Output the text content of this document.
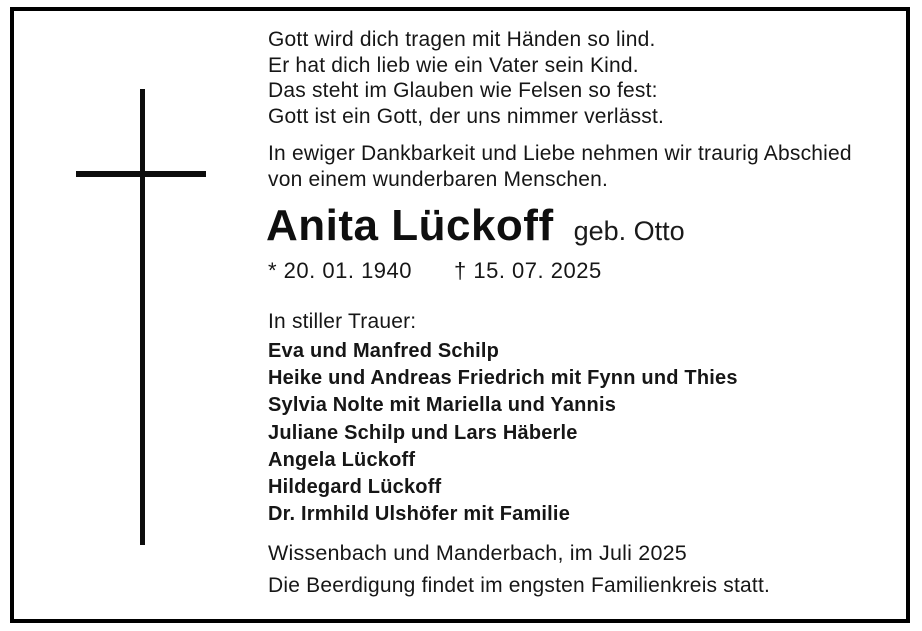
Gott wird dich tragen mit Händen so lind.
Er hat dich lieb wie ein Vater sein Kind.
Das steht im Glauben wie Felsen so fest:
Gott ist ein Gott, der uns nimmer verlässt.
In ewiger Dankbarkeit und Liebe nehmen wir traurig Abschied
von einem wunderbaren Menschen.
Anita Lückoff geb. Otto
* 20. 01. 1940 † 15. 07. 2025
In stiller Trauer:
Eva und Manfred Schilp
Heike und Andreas Friedrich mit Fynn und Thies
Sylvia Nolte mit Mariella und Yannis
Juliane Schilp und Lars Häberle
Angela Lückoff
Hildegard Lückoff
Dr. Irmhild Ulshöfer mit Familie
Wissenbach und Manderbach, im Juli 2025
Die Beerdigung findet im engsten Familienkreis statt.
